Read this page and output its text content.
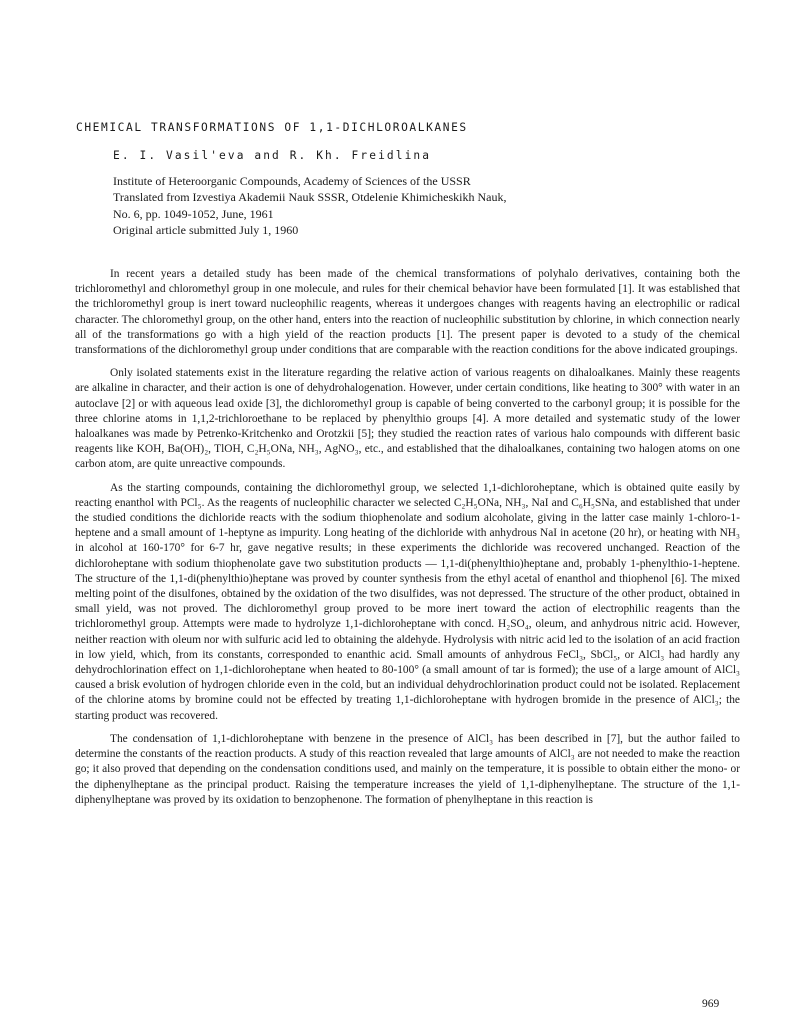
CHEMICAL TRANSFORMATIONS OF 1,1-DICHLOROALKANES
E. I. Vasil'eva and R. Kh. Freidlina
Institute of Heteroorganic Compounds, Academy of Sciences of the USSR
Translated from Izvestiya Akademii Nauk SSSR, Otdelenie Khimicheskikh Nauk,
No. 6, pp. 1049-1052, June, 1961
Original article submitted July 1, 1960

In recent years a detailed study has been made of the chemical transformations of polyhalo derivatives, containing both the trichloromethyl and chloromethyl group in one molecule, and rules for their chemical behavior have been formulated [1]. It was established that the trichloromethyl group is inert toward nucleophilic reagents, whereas it undergoes changes with reagents having an electrophilic or radical character. The chloromethyl group, on the other hand, enters into the reaction of nucleophilic substitution by chlorine, in which connection nearly all of the transformations go with a high yield of the reaction products [1]. The present paper is devoted to a study of the chemical transformations of the dichloromethyl group under conditions that are comparable with the reaction conditions for the above indicated groupings.

Only isolated statements exist in the literature regarding the relative action of various reagents on dihaloalkanes. Mainly these reagents are alkaline in character, and their action is one of dehydrohalogenation. However, under certain conditions, like heating to 300° with water in an autoclave [2] or with aqueous lead oxide [3], the dichloromethyl group is capable of being converted to the carbonyl group; it is possible for the three chlorine atoms in 1,1,2-trichloroethane to be replaced by phenylthio groups [4]. A more detailed and systematic study of the lower haloalkanes was made by Petrenko-Kritchenko and Orotzkii [5]; they studied the reaction rates of various halo compounds with different basic reagents like KOH, Ba(OH)₂, TlOH, C₂H₅ONa, NH₃, AgNO₃, etc., and established that the dihaloalkanes, containing two halogen atoms on one carbon atom, are quite unreactive compounds.

As the starting compounds, containing the dichloromethyl group, we selected 1,1-dichloroheptane, which is obtained quite easily by reacting enanthol with PCl₅. As the reagents of nucleophilic character we selected C₂H₅ONa, NH₃, NaI and C₆H₅SNa, and established that under the studied conditions the dichloride reacts with the sodium thiophenolate and sodium alcoholate, giving in the latter case mainly 1-chloro-1-heptene and a small amount of 1-heptyne as impurity. Long heating of the dichloride with anhydrous NaI in acetone (20 hr), or heating with NH₃ in alcohol at 160-170° for 6-7 hr, gave negative results; in these experiments the dichloride was recovered unchanged. Reaction of the dichloroheptane with sodium thiophenolate gave two substitution products — 1,1-di(phenylthio)heptane and, probably 1-phenylthio-1-heptene. The structure of the 1,1-di(phenylthio)heptane was proved by counter synthesis from the ethyl acetal of enanthol and thiophenol [6]. The mixed melting point of the disulfones, obtained by the oxidation of the two disulfides, was not depressed. The structure of the other product, obtained in small yield, was not proved. The dichloromethyl group proved to be more inert toward the action of electrophilic reagents than the trichloromethyl group. Attempts were made to hydrolyze 1,1-dichloroheptane with concd. H₂SO₄, oleum, and anhydrous nitric acid. However, neither reaction with oleum nor with sulfuric acid led to obtaining the aldehyde. Hydrolysis with nitric acid led to the isolation of an acid fraction in low yield, which, from its constants, corresponded to enanthic acid. Small amounts of anhydrous FeCl₃, SbCl₅, or AlCl₃ had hardly any dehydrochlorination effect on 1,1-dichloroheptane when heated to 80-100° (a small amount of tar is formed); the use of a large amount of AlCl₃ caused a brisk evolution of hydrogen chloride even in the cold, but an individual dehydrochlorination product could not be isolated. Replacement of the chlorine atoms by bromine could not be effected by treating 1,1-dichloroheptane with hydrogen bromide in the presence of AlCl₃; the starting product was recovered.

The condensation of 1,1-dichloroheptane with benzene in the presence of AlCl₃ has been described in [7], but the author failed to determine the constants of the reaction products. A study of this reaction revealed that large amounts of AlCl₃ are not needed to make the reaction go; it also proved that depending on the condensation conditions used, and mainly on the temperature, it is possible to obtain either the mono- or the diphenylheptane as the principal product. Raising the temperature increases the yield of 1,1-diphenylheptane. The structure of the 1,1-diphenylheptane was proved by its oxidation to benzophenone. The formation of phenylheptane in this reaction is

969
